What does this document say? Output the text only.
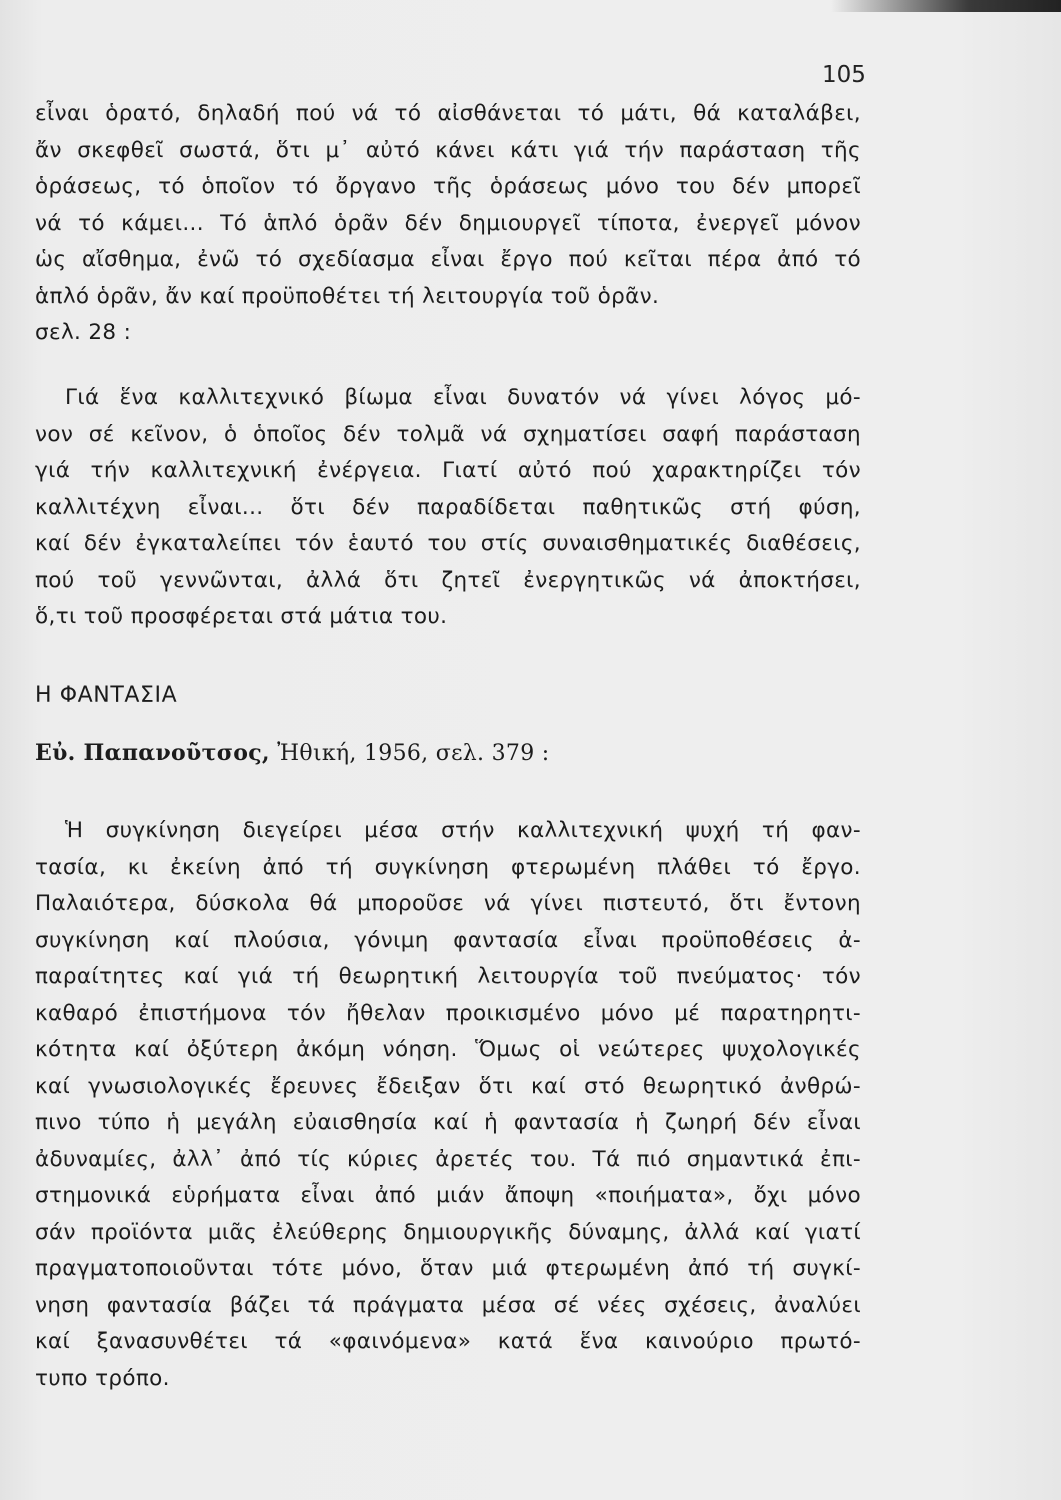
105
εἶναι ὁρατό, δηλαδή πού νά τό αἰσθάνεται τό μάτι, θά καταλάβει,
ἄν σκεφθεῖ σωστά, ὅτι μ᾽ αὐτό κάνει κάτι γιά τήν παράσταση τῆς
ὁράσεως, τό ὁποῖον τό ὄργανο τῆς ὁράσεως μόνο του δέν μπορεῖ
νά τό κάμει... Τό ἁπλό ὁρᾶν δέν δημιουργεῖ τίποτα, ἐνεργεῖ μόνον
ὡς αἴσθημα, ἐνῶ τό σχεδίασμα εἶναι ἔργο πού κεῖται πέρα ἀπό τό
ἁπλό ὁρᾶν, ἄν καί προϋποθέτει τή λειτουργία τοῦ ὁρᾶν.
σελ. 28 :
Γιά ἕνα καλλιτεχνικό βίωμα εἶναι δυνατόν νά γίνει λόγος μό-
νον σέ κεῖνον, ὁ ὁποῖος δέν τολμᾶ νά σχηματίσει σαφή παράσταση
γιά τήν καλλιτεχνική ἐνέργεια. Γιατί αὐτό πού χαρακτηρίζει τόν
καλλιτέχνη εἶναι... ὅτι δέν παραδίδεται παθητικῶς στή φύση,
καί δέν ἐγκαταλείπει τόν ἑαυτό του στίς συναισθηματικές διαθέσεις,
πού τοῦ γεννῶνται, ἀλλά ὅτι ζητεῖ ἐνεργητικῶς νά ἀποκτήσει,
ὅ,τι τοῦ προσφέρεται στά μάτια του.
Η ΦΑΝΤΑΣΙΑ
Εὐ. Παπανοῦτσος, Ἠθική, 1956, σελ. 379 :
Ἡ συγκίνηση διεγείρει μέσα στήν καλλιτεχνική ψυχή τή φαν-
τασία, κι ἐκείνη ἀπό τή συγκίνηση φτερωμένη πλάθει τό ἔργο.
Παλαιότερα, δύσκολα θά μποροῦσε νά γίνει πιστευτό, ὅτι ἔντονη
συγκίνηση καί πλούσια, γόνιμη φαντασία εἶναι προϋποθέσεις ἀ-
παραίτητες καί γιά τή θεωρητική λειτουργία τοῦ πνεύματος· τόν
καθαρό ἐπιστήμονα τόν ἤθελαν προικισμένο μόνο μέ παρατηρητι-
κότητα καί ὀξύτερη ἀκόμη νόηση. Ὅμως οἱ νεώτερες ψυχολογικές
καί γνωσιολογικές ἔρευνες ἔδειξαν ὅτι καί στό θεωρητικό ἀνθρώ-
πινο τύπο ἡ μεγάλη εὐαισθησία καί ἡ φαντασία ἡ ζωηρή δέν εἶναι
ἀδυναμίες, ἀλλ᾽ ἀπό τίς κύριες ἀρετές του. Τά πιό σημαντικά ἐπι-
στημονικά εὑρήματα εἶναι ἀπό μιάν ἄποψη «ποιήματα», ὄχι μόνο
σάν προϊόντα μιᾶς ἐλεύθερης δημιουργικῆς δύναμης, ἀλλά καί γιατί
πραγματοποιοῦνται τότε μόνο, ὅταν μιά φτερωμένη ἀπό τή συγκί-
νηση φαντασία βάζει τά πράγματα μέσα σέ νέες σχέσεις, ἀναλύει
καί ξανασυνθέτει τά «φαινόμενα» κατά ἕνα καινούριο πρωτό-
τυπο τρόπο.
